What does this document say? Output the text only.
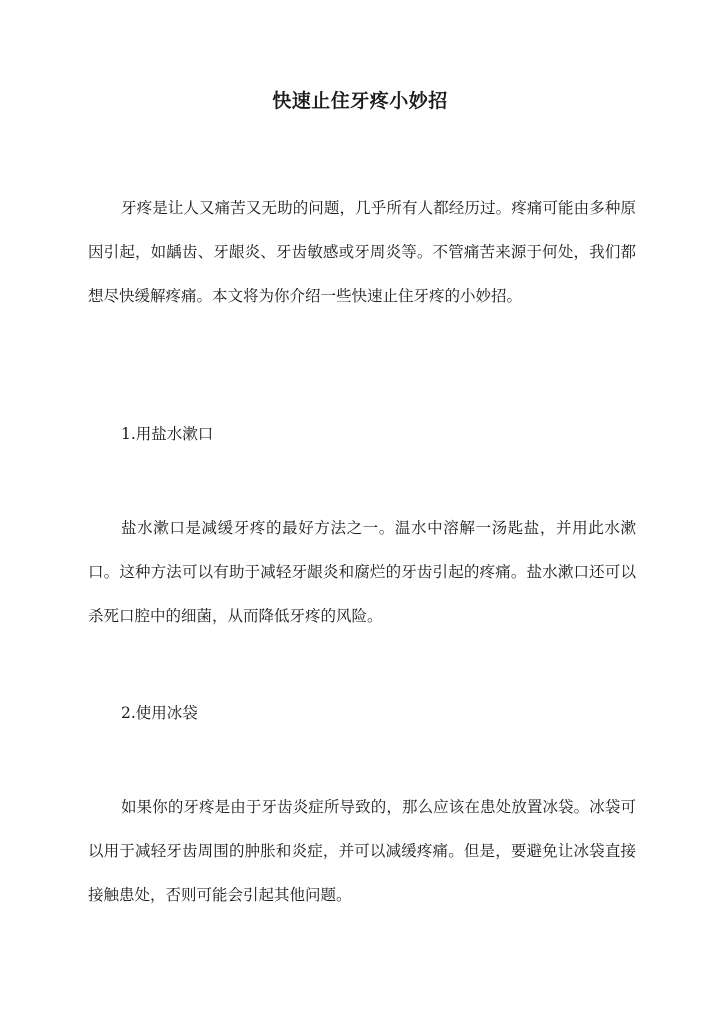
快速止住牙疼小妙招

牙疼是让人又痛苦又无助的问题，几乎所有人都经历过。疼痛可能由多种原因引起，如龋齿、牙龈炎、牙齿敏感或牙周炎等。不管痛苦来源于何处，我们都想尽快缓解疼痛。本文将为你介绍一些快速止住牙疼的小妙招。

1.用盐水漱口

盐水漱口是减缓牙疼的最好方法之一。温水中溶解一汤匙盐，并用此水漱口。这种方法可以有助于减轻牙龈炎和腐烂的牙齿引起的疼痛。盐水漱口还可以杀死口腔中的细菌，从而降低牙疼的风险。

2.使用冰袋

如果你的牙疼是由于牙齿炎症所导致的，那么应该在患处放置冰袋。冰袋可以用于减轻牙齿周围的肿胀和炎症，并可以减缓疼痛。但是，要避免让冰袋直接接触患处，否则可能会引起其他问题。
